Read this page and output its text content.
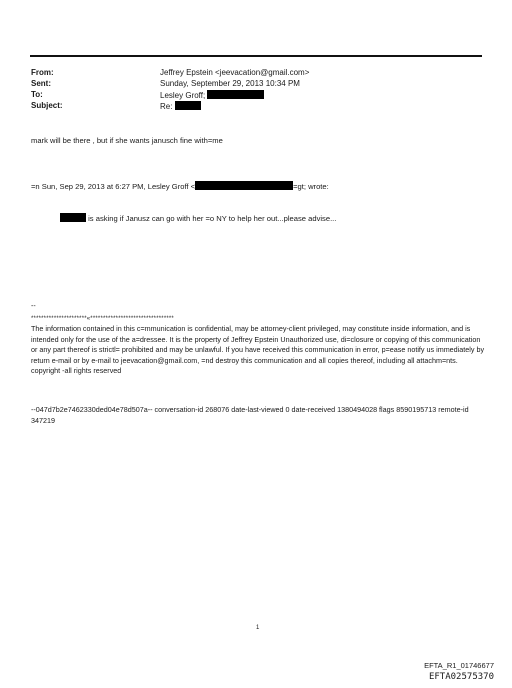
From:	Jeffrey Epstein <jeevacation@gmail.com>
Sent:	Sunday, September 29, 2013 10:34 PM
To:	Lesley Groff;
Subject:	Re:
mark will be there , but if she wants janusch fine with=me
=n Sun, Sep 29, 2013 at 6:27 PM, Lesley Groff <	=gt; wrote:
is asking if Janusz can go with her =o NY to help her out...please advise...
--
**********************«*********************************
The information contained in this c=mmunication is confidential, may be attorney-client privileged, may constitute inside information, and is intended only for the use of the a=dressee. It is the property of Jeffrey Epstein Unauthorized use, di=closure or copying of this communication or any part thereof is strictl= prohibited and may be unlawful. If you have received this communication in error, p=ease notify us immediately by return e-mail or by e-mail to jeevacation@gmail.com, =nd destroy this communication and all copies thereof, including all attachm=nts. copyright -all rights reserved
--047d7b2e7462330ded04e78d507a-- conversation-id 268076 date-last-viewed 0 date-received 1380494028 flags 8590195713 remote-id 347219
1
EFTA_R1_01746677
EFTA02575370
